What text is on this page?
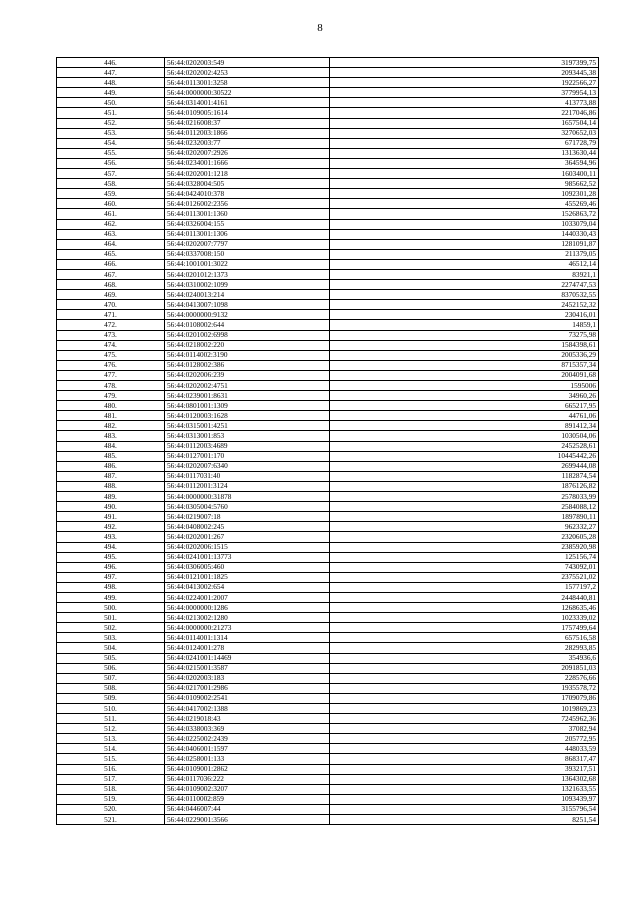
8
446.	56:44:0202003:549	3197399,75
447.	56:44:0202002:4253	2093445,38
448.	56:44:0113001:3258	1922566,27
449.	56:44:0000000:30522	3779954,13
450.	56:44:0314001:4161	413773,88
451.	56:44:0109005:1614	2217046,86
452.	56:44:0216008:37	1657504,14
453.	56:44:0112003:1866	3270652,03
454.	56:44:0232003:77	671728,79
455.	56:44:0202007:2926	1313630,44
456.	56:44:0234001:1666	364594,96
457.	56:44:0202001:1218	1603400,11
458.	56:44:0328004:505	985662,52
459.	56:44:0424010:378	1092301,28
460.	56:44:0126002:2356	455269,46
461.	56:44:0113001:1360	1526863,72
462.	56:44:0326004:155	1033079,04
463.	56:44:0113001:1306	1440330,43
464.	56:44:0202007:7797	1281091,87
465.	56:44:0337008:150	211379,05
466.	56:44:1001001:3022	46512,14
467.	56:44:0201012:1373	83921,1
468.	56:44:0310002:1099	2274747,53
469.	56:44:0240013:214	8370532,55
470.	56:44:0413007:1098	2452152,32
471.	56:44:0000000:9132	230416,01
472.	56:44:0108002:644	14859,1
473.	56:44:0201002:6998	73275,98
474.	56:44:0218002:220	1584398,61
475.	56:44:0114002:3190	2005336,29
476.	56:44:0128002:386	8715357,34
477.	56:44:0202006:239	2004091,68
478.	56:44:0202002:4751	1595006
479.	56:44:0239001:8631	34960,26
480.	56:44:0801001:1309	665217,95
481.	56:44:0120003:1628	44761,06
482.	56:44:0315001:4251	891412,34
483.	56:44:0313001:853	1030504,06
484.	56:44:0112003:4689	2452528,61
485.	56:44:0127001:170	10445442,26
486.	56:44:0202007:6340	2699444,08
487.	56:44:0117031:40	1182874,54
488.	56:44:0112001:3124	1876126,82
489.	56:44:0000000:31878	2578033,99
490.	56:44:0305004:5760	2584088,12
491.	56:44:0219007:18	1897890,11
492.	56:44:0408002:245	962332,27
493.	56:44:0202001:267	2320605,28
494.	56:44:0202006:1515	2385920,98
495.	56:44:0241001:13773	125156,74
496.	56:44:0306005:460	743092,01
497.	56:44:0121001:1825	2375521,02
498.	56:44:0413002:654	1577197,2
499.	56:44:0224001:2007	2448440,81
500.	56:44:0000000:1286	1268635,46
501.	56:44:0213002:1280	1023339,02
502.	56:44:0000000:21273	1757499,64
503.	56:44:0114001:1314	657516,58
504.	56:44:0124001:278	282993,85
505.	56:44:0241001:14469	354936,6
506.	56:44:0215001:3587	2091851,03
507.	56:44:0202003:183	228576,66
508.	56:44:0217001:2986	1935578,72
509.	56:44:0109002:2541	1709079,86
510.	56:44:0417002:1388	1019869,23
511.	56:44:0219018:43	7245962,36
512.	56:44:0338003:369	37082,94
513.	56:44:0225002:2439	205772,95
514.	56:44:0406001:1597	448033,59
515.	56:44:0258001:133	868317,47
516.	56:44:0109001:2862	393217,51
517.	56:44:0117036:222	1364302,68
518.	56:44:0109002:3207	1321633,55
519.	56:44:0110002:859	1093439,97
520.	56:44:0446007:44	3155796,54
521.	56:44:0229001:3566	8251,54
